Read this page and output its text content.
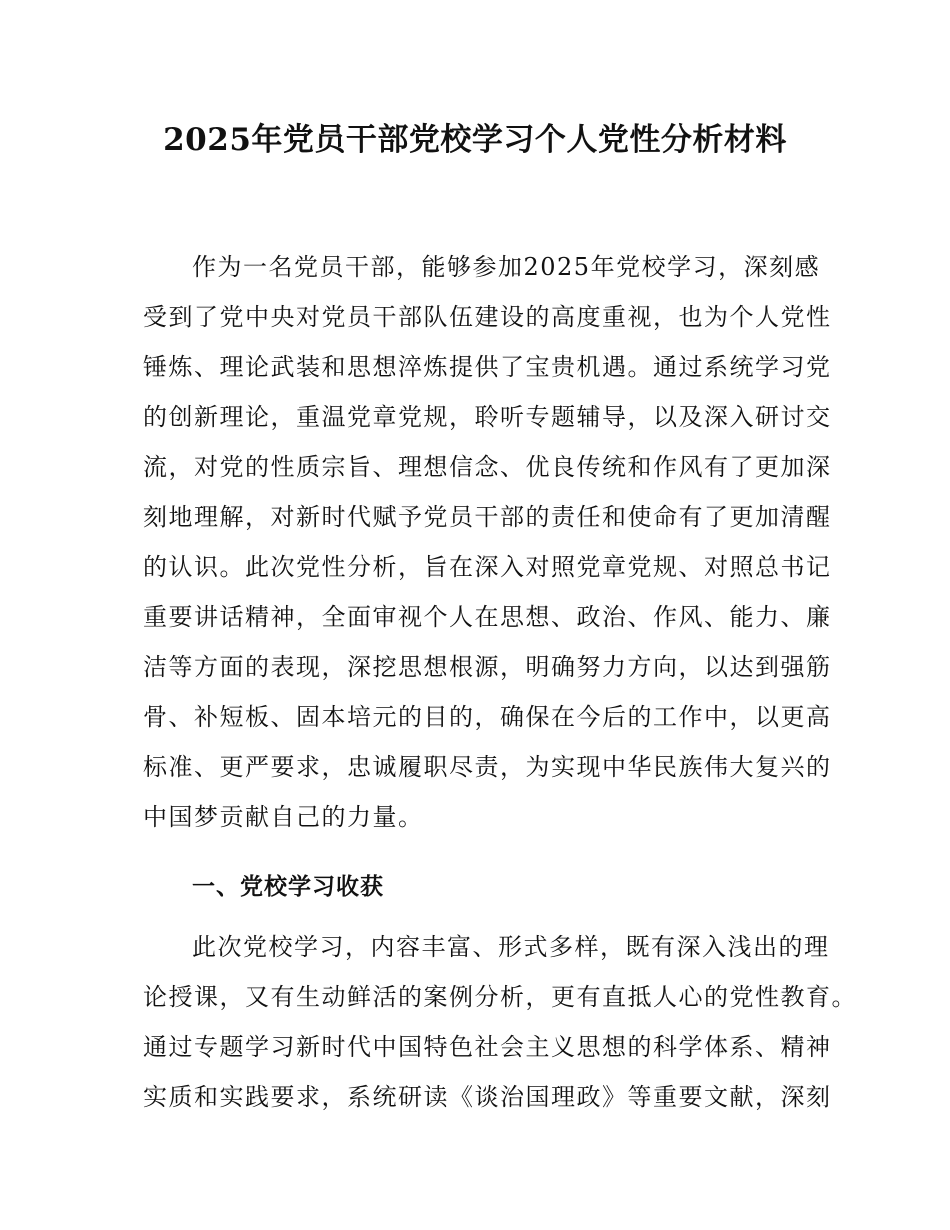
2025年党员干部党校学习个人党性分析材料
作为一名党员干部，能够参加2025年党校学习，深刻感
受到了党中央对党员干部队伍建设的高度重视，也为个人党性
锤炼、理论武装和思想淬炼提供了宝贵机遇。通过系统学习党
的创新理论，重温党章党规，聆听专题辅导，以及深入研讨交
流，对党的性质宗旨、理想信念、优良传统和作风有了更加深
刻地理解，对新时代赋予党员干部的责任和使命有了更加清醒
的认识。此次党性分析，旨在深入对照党章党规、对照总书记
重要讲话精神，全面审视个人在思想、政治、作风、能力、廉
洁等方面的表现，深挖思想根源，明确努力方向，以达到强筋
骨、补短板、固本培元的目的，确保在今后的工作中，以更高
标准、更严要求，忠诚履职尽责，为实现中华民族伟大复兴的
中国梦贡献自己的力量。
一、党校学习收获
此次党校学习，内容丰富、形式多样，既有深入浅出的理
论授课，又有生动鲜活的案例分析，更有直抵人心的党性教育。
通过专题学习新时代中国特色社会主义思想的科学体系、精神
实质和实践要求，系统研读《谈治国理政》等重要文献，深刻
